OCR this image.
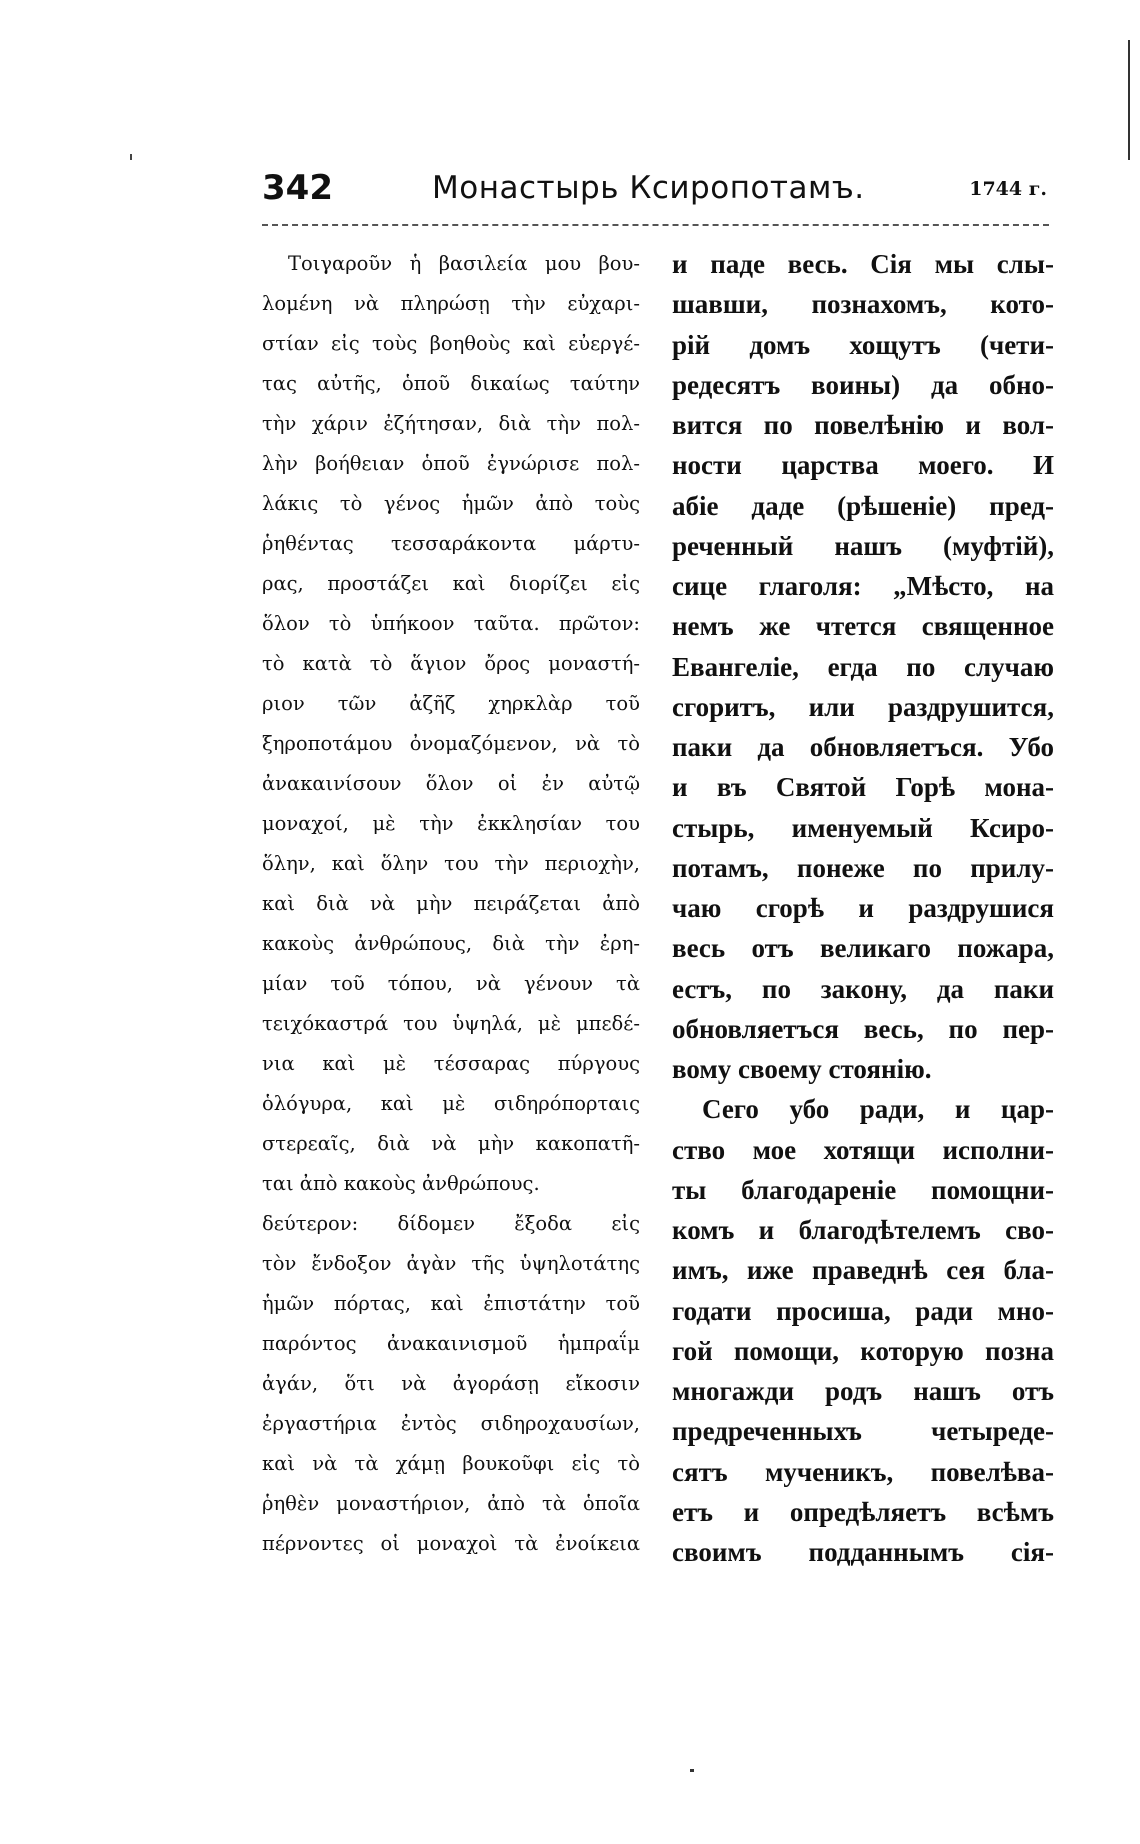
342	Монастырь Ксиропотамъ.	1744 г.
Τοιγαροῦν ἡ βασιλεία μου βου-
λομένη νὰ πληρώσῃ τὴν εὐχαρι-
στίαν εἰς τοὺς βοηθοὺς καὶ εὐεργέ-
τας αὐτῆς, ὁποῦ δικαίως ταύτην
τὴν χάριν ἐζήτησαν, διὰ τὴν πολ-
λὴν βοήθειαν ὁποῦ ἐγνώρισε πολ-
λάκις τὸ γένος ἡμῶν ἀπὸ τοὺς
ῥηθέντας τεσσαράκοντα μάρτυ-
ρας, προστάζει καὶ διορίζει εἰς
ὅλον τὸ ὑπήκοον ταῦτα. πρῶτον:
τὸ κατὰ τὸ ἅγιον ὄρος μοναστή-
ριον τῶν ἀζῆζ χηρκλὰρ τοῦ
ξηροποτάμου ὀνομαζόμενον, νὰ τὸ
ἀνακαινίσουν ὅλον οἱ ἐν αὐτῷ
μοναχοί, μὲ τὴν ἐκκλησίαν του
ὅλην, καὶ ὅλην του τὴν περιοχὴν,
καὶ διὰ νὰ μὴν πειράζεται ἀπὸ
κακοὺς ἀνθρώπους, διὰ τὴν ἐρη-
μίαν τοῦ τόπου, νὰ γένουν τὰ
τειχόκαστρά του ὑψηλά, μὲ μπεδέ-
νια καὶ μὲ τέσσαρας πύργους
ὁλόγυρα, καὶ μὲ σιδηρόπορταις
στερεαῖς, διὰ νὰ μὴν κακοπατῆ-
ται ἀπὸ κακοὺς ἀνθρώπους.
δεύτερον: δίδομεν ἔξοδα εἰς
τὸν ἔνδοξον ἀγὰν τῆς ὑψηλοτάτης
ἡμῶν πόρτας, καὶ ἐπιστάτην τοῦ
παρόντος ἀνακαινισμοῦ ἡμπραΐμ
ἀγάν, ὅτι νὰ ἀγοράσῃ εἴκοσιν
ἐργαστήρια ἐντὸς σιδηροχαυσίων,
καὶ νὰ τὰ χάμῃ βουκοῦφι εἰς τὸ
ῥηθὲν μοναστήριον, ἀπὸ τὰ ὁποῖα
πέρνοντες οἱ μοναχοὶ τὰ ἐνοίκεια
и паде весь. Сія мы слы-
шавши, познахомъ, кото-
рій домъ хощутъ (чети-
редесятъ воины) да обно-
вится по повелѣнію и вол-
ности царства моего. И
абіе даде (рѣшеніе) пред-
реченный нашъ (муфтій),
сице глаголя: „Мѣсто, на
немъ же чтется священное
Евангеліе, егда по случаю
сгоритъ, или раздрушится,
паки да обновляетъся. Убо
и въ Святой Горѣ мона-
стырь, именуемый Ксиро-
потамъ, понеже по прилу-
чаю сгорѣ и раздрушися
весь отъ великаго пожара,
естъ, по закону, да паки
обновляетъся весь, по пер-
вому своему стоянію.
Сего убо ради, и цар-
ство мое хотящи исполни-
ты благодареніе помощни-
комъ и благодѣтелемъ сво-
имъ, иже праведнѣ сея бла-
годати просиша, ради мно-
гой помощи, которую позна
многажди родъ нашъ отъ
предреченныхъ четыреде-
сятъ мученикъ, повелѣва-
етъ и опредѣляетъ всѣмъ
своимъ подданнымъ сія-
